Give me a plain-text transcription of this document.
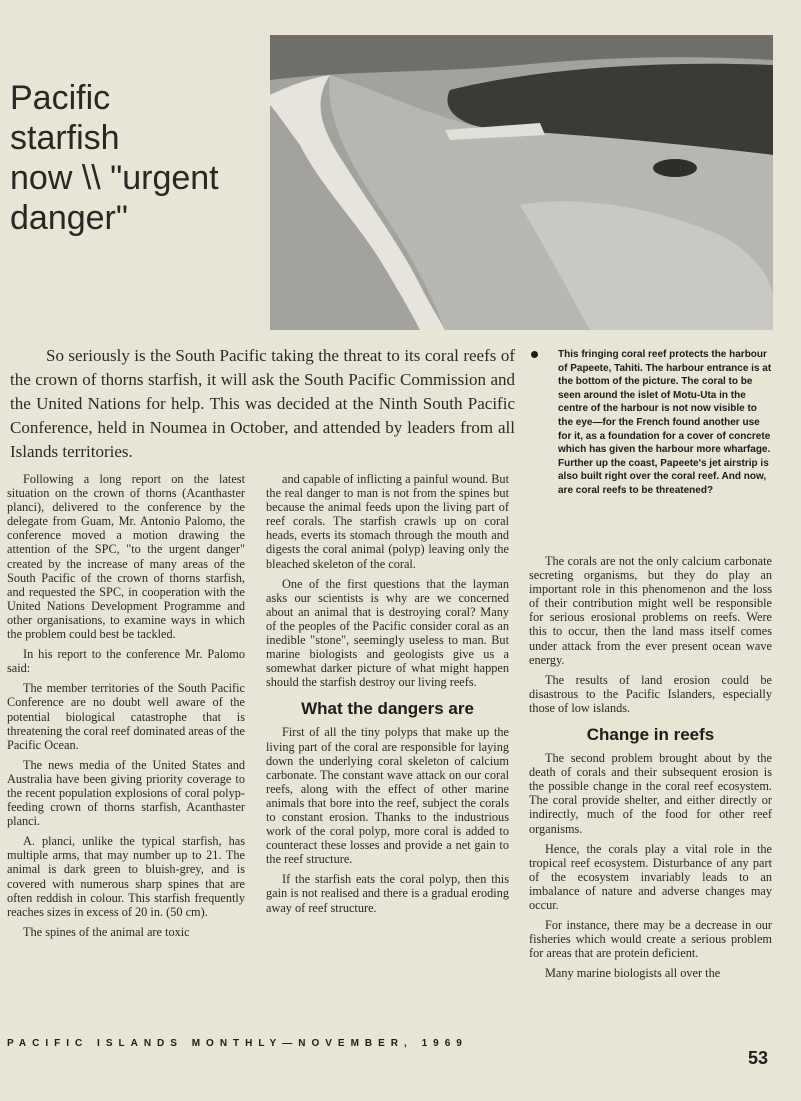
Pacific
starfish
now \\ "urgent
danger"

So seriously is the South Pacific taking the threat to its coral reefs of the crown of thorns starfish, it will ask the South Pacific Commission and the United Nations for help. This was decided at the Ninth South Pacific Conference, held in Noumea in October, and attended by leaders from all Islands territories.

This fringing coral reef protects the harbour of Papeete, Tahiti. The harbour entrance is at the bottom of the picture. The coral to be seen around the islet of Motu-Uta in the centre of the harbour is not now visible to the eye—for the French found another use for it, as a foundation for a cover of concrete which has given the harbour more wharfage. Further up the coast, Papeete's jet airstrip is also built right over the coral reef. And now, are coral reefs to be threatened?

Following a long report on the latest situation on the crown of thorns (Acanthaster planci), delivered to the conference by the delegate from Guam, Mr. Antonio Palomo, the conference moved a motion drawing the attention of the SPC, "to the urgent danger" created by the increase of many areas of the South Pacific of the crown of thorns starfish, and requested the SPC, in cooperation with the United Nations Development Programme and other organisations, to examine ways in which the problem could best be tackled.

In his report to the conference Mr. Palomo said:

The member territories of the South Pacific Conference are no doubt well aware of the potential biological catastrophe that is threatening the coral reef dominated areas of the Pacific Ocean.

The news media of the United States and Australia have been giving priority coverage to the recent population explosions of coral polyp-feeding crown of thorns starfish, Acanthaster planci.

A. planci, unlike the typical starfish, has multiple arms, that may number up to 21. The animal is dark green to bluish-grey, and is covered with numerous sharp spines that are often reddish in colour. This starfish frequently reaches sizes in excess of 20 in. (50 cm).

The spines of the animal are toxic

and capable of inflicting a painful wound. But the real danger to man is not from the spines but because the animal feeds upon the living part of reef corals. The starfish crawls up on coral heads, everts its stomach through the mouth and digests the coral animal (polyp) leaving only the bleached skeleton of the coral.

One of the first questions that the layman asks our scientists is why are we concerned about an animal that is destroying coral? Many of the peoples of the Pacific consider coral as an inedible "stone", seemingly useless to man. But marine biologists and geologists give us a somewhat darker picture of what might happen should the starfish destroy our living reefs.

What the dangers are

First of all the tiny polyps that make up the living part of the coral are responsible for laying down the underlying coral skeleton of calcium carbonate. The constant wave attack on our coral reefs, along with the effect of other marine animals that bore into the reef, subject the corals to constant erosion. Thanks to the industrious work of the coral polyp, more coral is added to counteract these losses and provide a net gain to the reef structure.

If the starfish eats the coral polyp, then this gain is not realised and there is a gradual eroding away of reef structure.

The corals are not the only calcium carbonate secreting organisms, but they do play an important role in this phenomenon and the loss of their contribution might well be responsible for serious erosional problems on reefs. Were this to occur, then the land mass itself comes under attack from the ever present ocean wave energy.

The results of land erosion could be disastrous to the Pacific Islanders, especially those of low islands.

Change in reefs

The second problem brought about by the death of corals and their subsequent erosion is the possible change in the coral reef ecosystem. The coral provide shelter, and either directly or indirectly, much of the food for other reef organisms.

Hence, the corals play a vital role in the tropical reef ecosystem. Disturbance of any part of the ecosystem invariably leads to an imbalance of nature and adverse changes may occur.

For instance, there may be a decrease in our fisheries which would create a serious problem for areas that are protein deficient.

Many marine biologists all over the

PACIFIC ISLANDS MONTHLY—NOVEMBER, 1969
53
